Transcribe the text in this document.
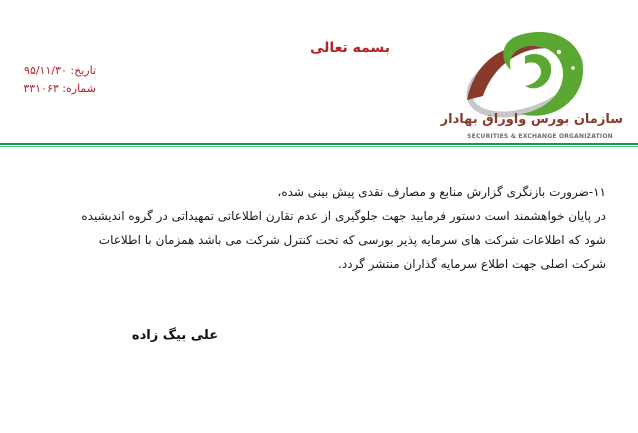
بسمه تعالی
تاریخ: ۹۵/۱۱/۳۰
شماره: ۳۳۱۰۶۳
سازمان بورس واوراق بهادار
SECURITIES & EXCHANGE ORGANIZATION

۱۱-ضرورت بازنگری گزارش منابع و مصارف نقدی پیش بینی شده،

در پایان خواهشمند است دستور فرمایید جهت جلوگیری از عدم تقارن اطلاعاتی تمهیداتی در گروه اندیشیده

شود که اطلاعات شرکت های سرمایه پذیر بورسی که تحت کنترل شرکت می باشد همزمان با اطلاعات

شرکت اصلی جهت اطلاع سرمایه گذاران منتشر گردد.

علی بیگ زاده
